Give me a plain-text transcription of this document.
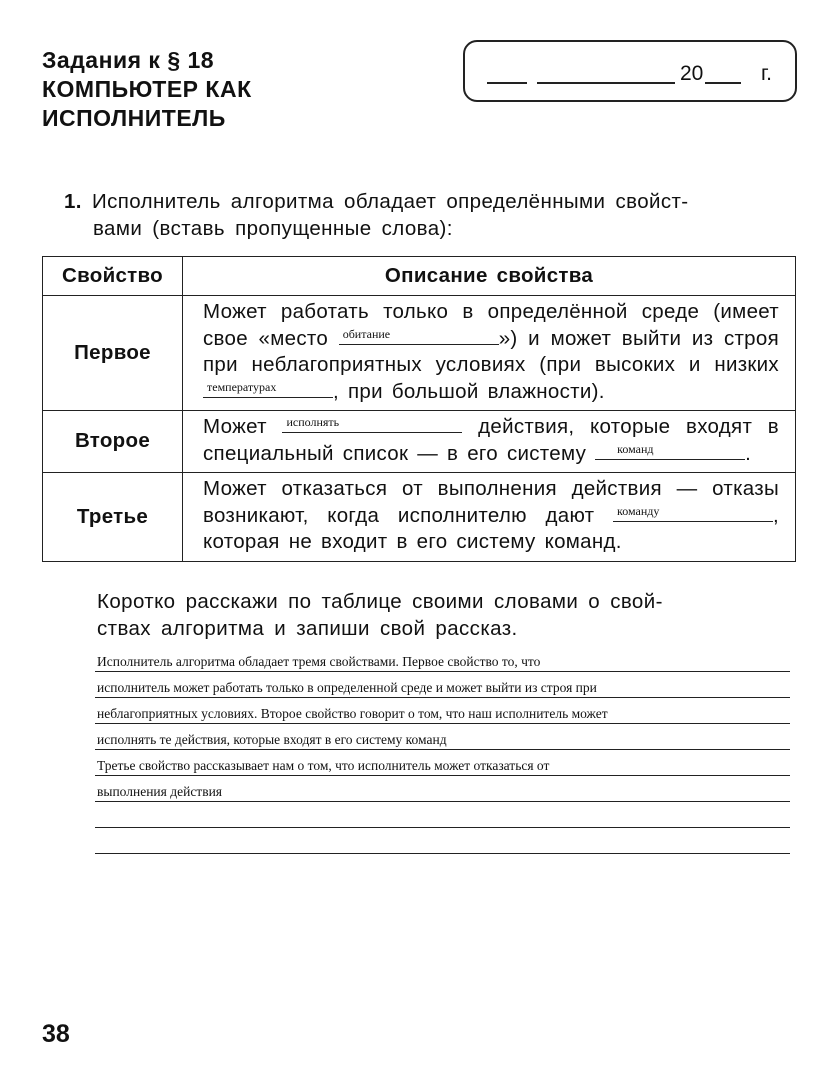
Задания к § 18
КОМПЬЮТЕР КАК
ИСПОЛНИТЕЛЬ
20	г.
1. Исполнитель алгоритма обладает определёнными свойст-
вами (вставь пропущенные слова):
Свойство	Описание свойства
Первое	Может работать только в определённой среде (имеет свое «место обитание ») и может выйти из строя при неблагоприятных условиях (при высоких и низких
температурах , при большой влажности).
Второе	Может исполнять действия, которые входят в специальный список — в его систему команд .
Третье	Может отказаться от выполнения действия — отказы возникают, когда исполнителю дают команду , которая не входит в его систему команд.
Коротко расскажи по таблице своими словами о свой-
ствах алгоритма и запиши свой рассказ.
Исполнитель алгоритма обладает тремя свойствами. Первое свойство то, что
исполнитель может работать только в определенной среде и может выйти из строя при
неблагоприятных условиях. Второе свойство говорит о том, что наш исполнитель может
исполнять те действия, которые входят в его систему команд
Третье свойство рассказывает нам о том, что исполнитель может отказаться от
выполнения действия
38
